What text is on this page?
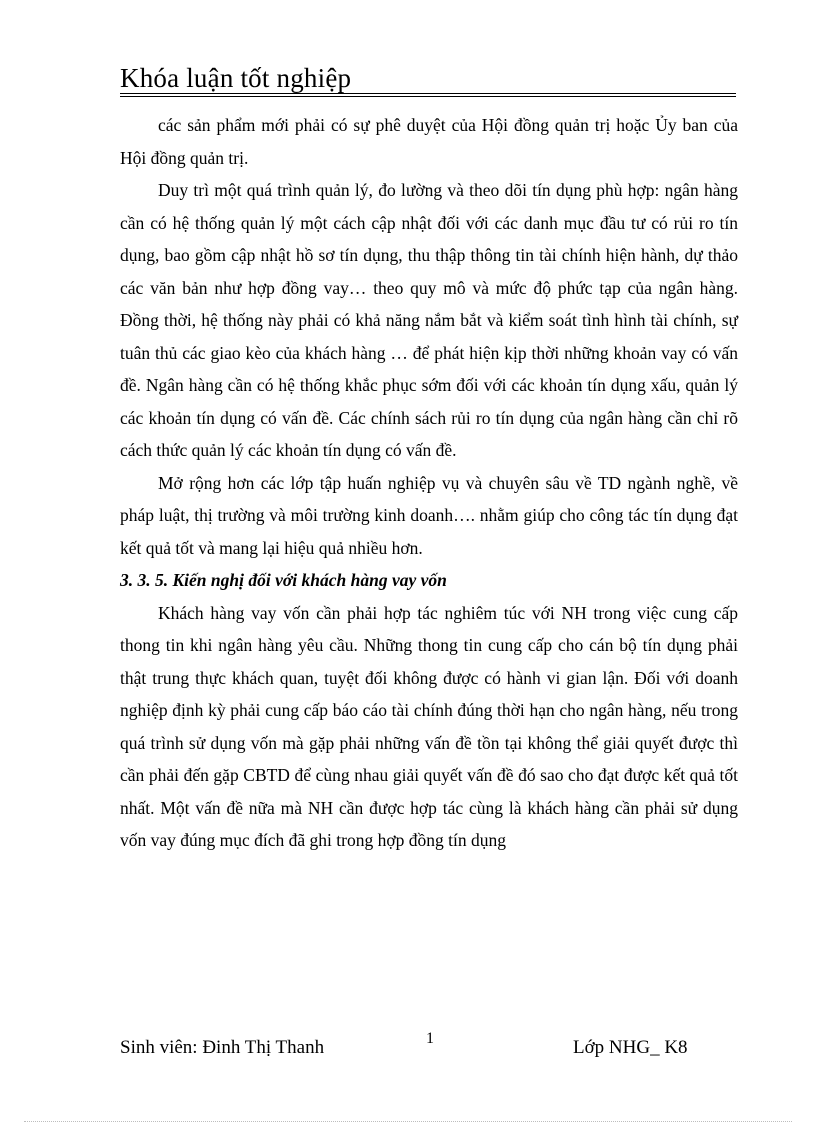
Khóa luận tốt nghiệp

các sản phẩm mới phải có sự phê duyệt của Hội đồng quản trị hoặc Ủy ban của Hội đồng quản trị.

Duy trì một quá trình quản lý, đo lường và theo dõi tín dụng phù hợp: ngân hàng cần có hệ thống quản lý một cách cập nhật đối với các danh mục đầu tư có rủi ro tín dụng, bao gồm cập nhật hồ sơ tín dụng, thu thập thông tin tài chính hiện hành, dự thảo các văn bản như hợp đồng vay… theo quy mô và mức độ phức tạp của ngân hàng. Đồng thời, hệ thống này phải có khả năng nắm bắt và kiểm soát tình hình tài chính, sự tuân thủ các giao kèo của khách hàng … để phát hiện kịp thời những khoản vay có vấn đề. Ngân hàng cần có hệ thống khắc phục sớm đối với các khoản tín dụng xấu, quản lý các khoản tín dụng có vấn đề. Các chính sách rủi ro tín dụng của ngân hàng cần chỉ rõ cách thức quản lý các khoản tín dụng có vấn đề.

Mở rộng hơn các lớp tập huấn nghiệp vụ và chuyên sâu về TD ngành nghề, về pháp luật, thị trường và môi trường kinh doanh…. nhằm giúp cho công tác tín dụng đạt kết quả tốt và mang lại hiệu quả nhiều hơn.

3. 3. 5. Kiến nghị đối với khách hàng vay vốn

Khách hàng vay vốn cần phải hợp tác nghiêm túc với NH trong việc cung cấp thong tin khi ngân hàng yêu cầu. Những thong tin cung cấp cho cán bộ tín dụng phải thật trung thực khách quan, tuyệt đối không được có hành vi gian lận. Đối với doanh nghiệp định kỳ phải cung cấp báo cáo tài chính đúng thời hạn cho ngân hàng, nếu trong quá trình sử dụng vốn mà gặp phải những vấn đề tồn tại không thể giải quyết được thì cần phải đến gặp CBTD để cùng nhau giải quyết vấn đề đó sao cho đạt được kết quả tốt nhất. Một vấn đề nữa mà NH cần được hợp tác cùng là khách hàng cần phải sử dụng vốn vay đúng mục đích đã ghi trong hợp đồng tín dụng

Sinh viên: Đinh Thị Thanh	1	Lớp NHG_ K8
